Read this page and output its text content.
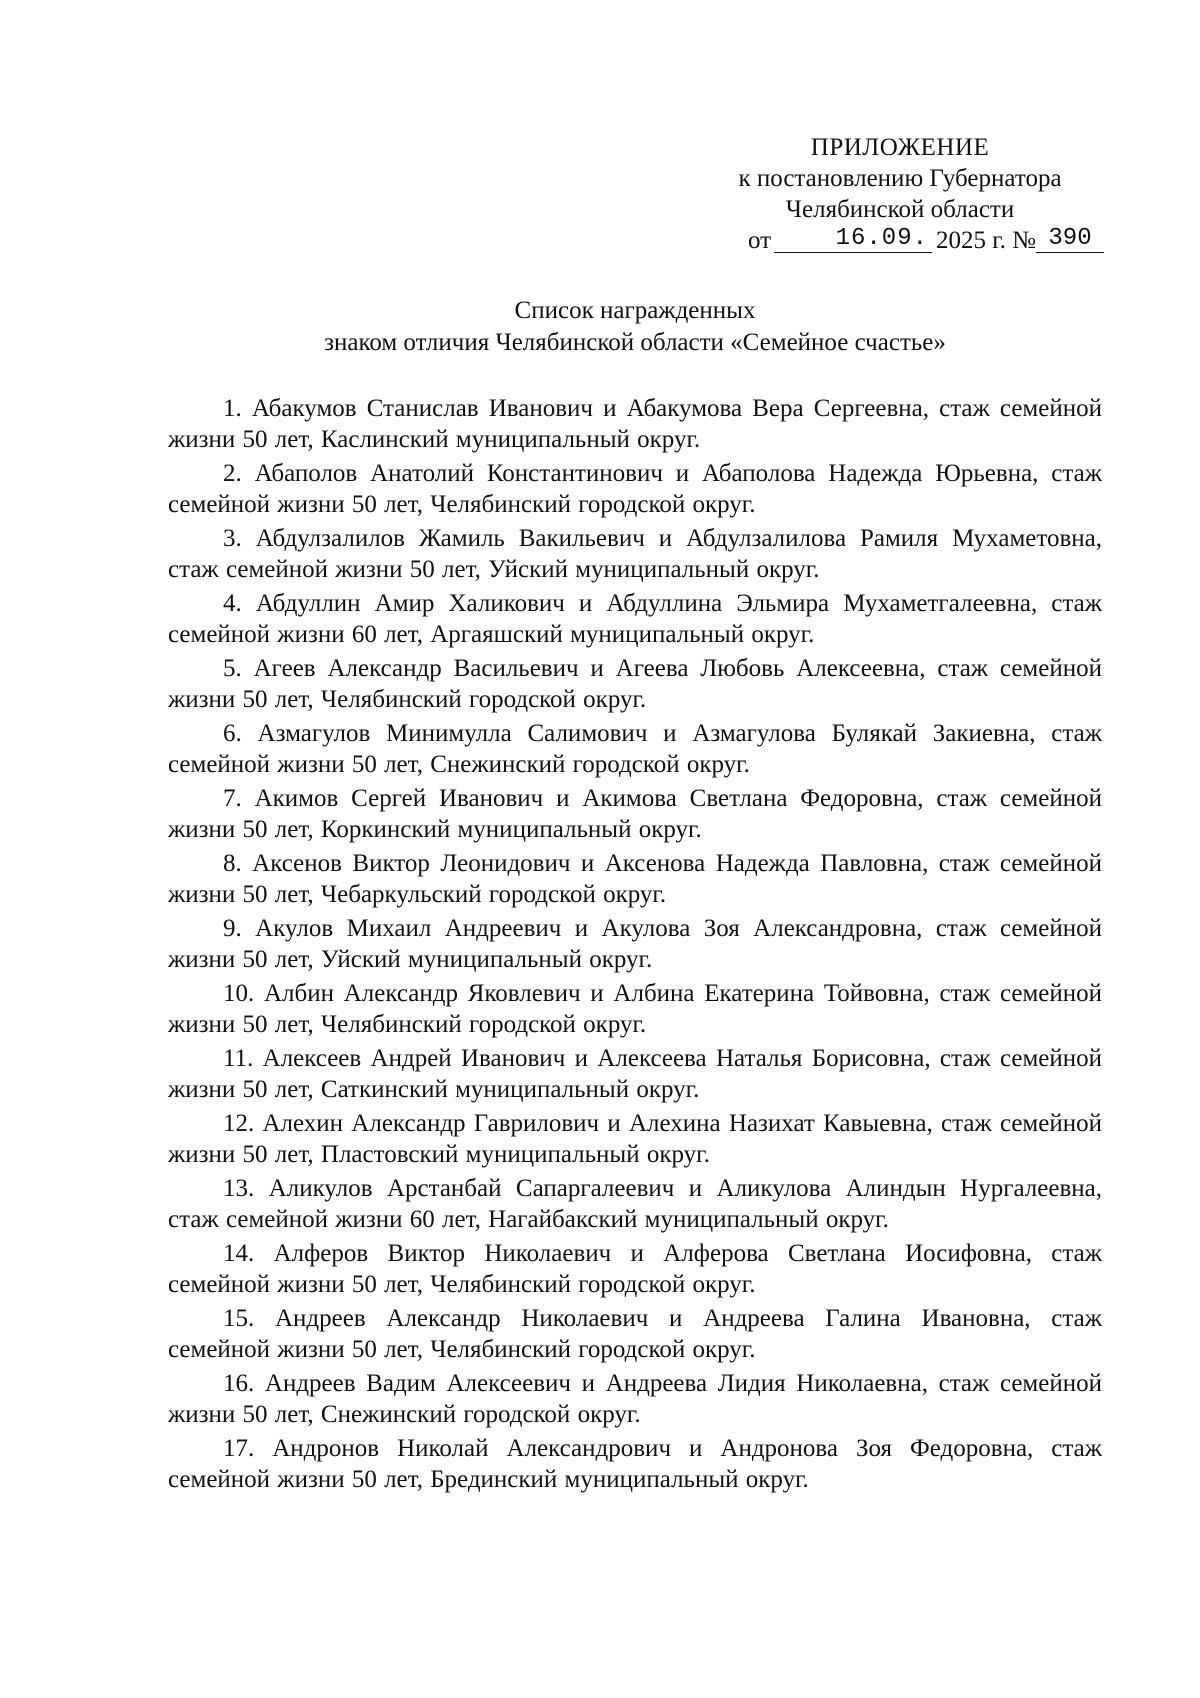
ПРИЛОЖЕНИЕ
к постановлению Губернатора
Челябинской области
от	16.09. 2025 г. № 390
Список награжденных
знаком отличия Челябинской области «Семейное счастье»

1. Абакумов Станислав Иванович и Абакумова Вера Сергеевна, стаж семейной жизни 50 лет, Каслинский муниципальный округ.

2. Абаполов Анатолий Константинович и Абаполова Надежда Юрьевна, стаж семейной жизни 50 лет, Челябинский городской округ.

3. Абдулзалилов Жамиль Вакильевич и Абдулзалилова Рамиля Мухаметовна, стаж семейной жизни 50 лет, Уйский муниципальный округ.

4. Абдуллин Амир Халикович и Абдуллина Эльмира Мухаметгалеевна, стаж семейной жизни 60 лет, Аргаяшский муниципальный округ.

5. Агеев Александр Васильевич и Агеева Любовь Алексеевна, стаж семейной жизни 50 лет, Челябинский городской округ.

6. Азмагулов Минимулла Салимович и Азмагулова Булякай Закиевна, стаж семейной жизни 50 лет, Снежинский городской округ.

7. Акимов Сергей Иванович и Акимова Светлана Федоровна, стаж семейной жизни 50 лет, Коркинский муниципальный округ.

8. Аксенов Виктор Леонидович и Аксенова Надежда Павловна, стаж семейной жизни 50 лет, Чебаркульский городской округ.

9. Акулов Михаил Андреевич и Акулова Зоя Александровна, стаж семейной жизни 50 лет, Уйский муниципальный округ.

10. Албин Александр Яковлевич и Албина Екатерина Тойвовна, стаж семейной жизни 50 лет, Челябинский городской округ.

11. Алексеев Андрей Иванович и Алексеева Наталья Борисовна, стаж семейной жизни 50 лет, Саткинский муниципальный округ.

12. Алехин Александр Гаврилович и Алехина Назихат Кавыевна, стаж семейной жизни 50 лет, Пластовский муниципальный округ.

13. Аликулов Арстанбай Сапаргалеевич и Аликулова Алиндын Нургалеевна, стаж семейной жизни 60 лет, Нагайбакский муниципальный округ.

14. Алферов Виктор Николаевич и Алферова Светлана Иосифовна, стаж семейной жизни 50 лет, Челябинский городской округ.

15. Андреев Александр Николаевич и Андреева Галина Ивановна, стаж семейной жизни 50 лет, Челябинский городской округ.

16. Андреев Вадим Алексеевич и Андреева Лидия Николаевна, стаж семейной жизни 50 лет, Снежинский городской округ.

17. Андронов Николай Александрович и Андронова Зоя Федоровна, стаж семейной жизни 50 лет, Брединский муниципальный округ.
